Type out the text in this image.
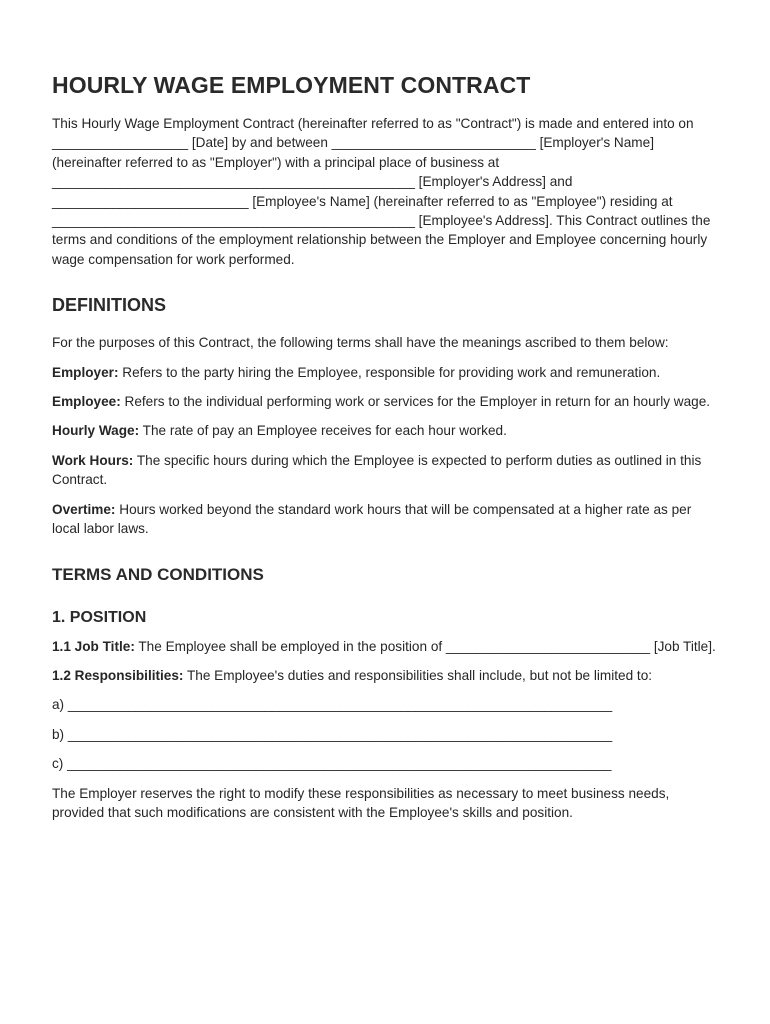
HOURLY WAGE EMPLOYMENT CONTRACT

This Hourly Wage Employment Contract (hereinafter referred to as "Contract") is made and entered into on __________________ [Date] by and between ___________________________ [Employer's Name] (hereinafter referred to as "Employer") with a principal place of business at ________________________________________________ [Employer's Address] and __________________________ [Employee's Name] (hereinafter referred to as "Employee") residing at ________________________________________________ [Employee's Address]. This Contract outlines the terms and conditions of the employment relationship between the Employer and Employee concerning hourly wage compensation for work performed.

DEFINITIONS

For the purposes of this Contract, the following terms shall have the meanings ascribed to them below:

Employer: Refers to the party hiring the Employee, responsible for providing work and remuneration.

Employee: Refers to the individual performing work or services for the Employer in return for an hourly wage.

Hourly Wage: The rate of pay an Employee receives for each hour worked.

Work Hours: The specific hours during which the Employee is expected to perform duties as outlined in this Contract.

Overtime: Hours worked beyond the standard work hours that will be compensated at a higher rate as per local labor laws.

TERMS AND CONDITIONS
1. POSITION

1.1 Job Title: The Employee shall be employed in the position of ___________________________ [Job Title].

1.2 Responsibilities: The Employee's duties and responsibilities shall include, but not be limited to:

a) ________________________________________________________________________

b) ________________________________________________________________________

c) ________________________________________________________________________

The Employer reserves the right to modify these responsibilities as necessary to meet business needs, provided that such modifications are consistent with the Employee's skills and position.
